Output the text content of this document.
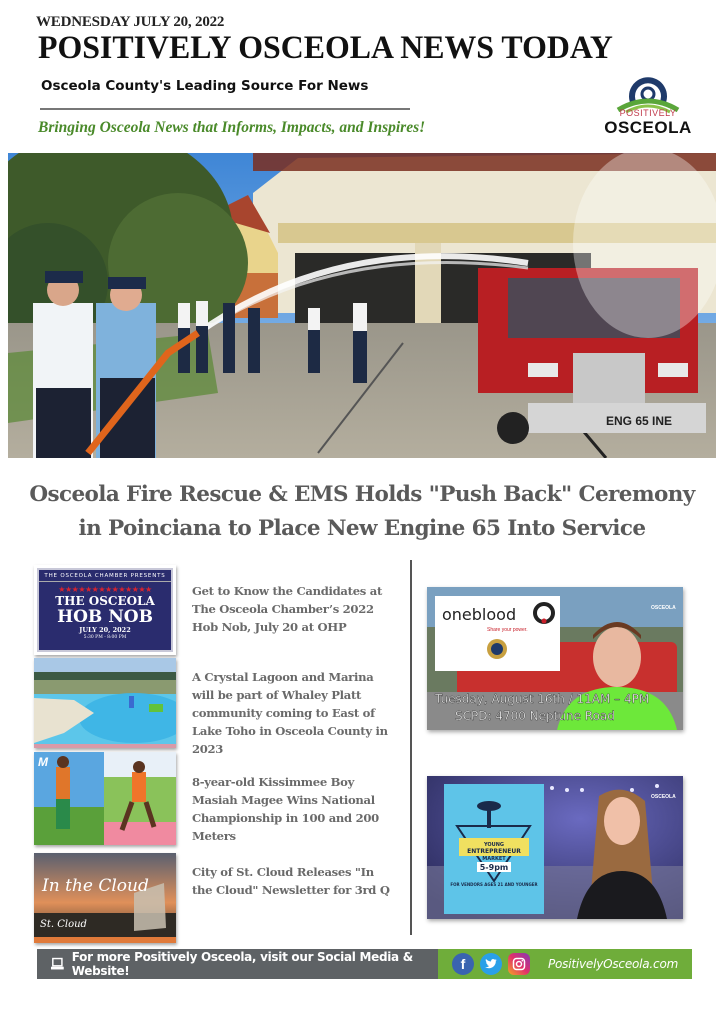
WEDNESDAY JULY 20, 2022
POSITIVELY OSCEOLA NEWS TODAY
Osceola County's Leading Source For News
Bringing Osceola News that Informs, Impacts, and Inspires!
POSITIVELY
OSCEOLA
ENG 65 INE
Osceola Fire Rescue & EMS Holds "Push Back" Ceremony
in Poinciana to Place New Engine 65 Into Service
THE OSCEOLA CHAMBER PRESENTS
★★★★★★★★★★★★★★
THE OSCEOLA
HOB NOB
JULY 20, 2022
5:30 PM - 8:00 PM
Get to Know the Candidates at The Osceola Chamber’s 2022 Hob Nob, July 20 at OHP
A Crystal Lagoon and Marina will be part of Whaley Platt community coming to East of Lake Toho in Osceola County in 2023
M
8-year-old Kissimmee Boy Masiah Magee Wins National Championship in 100 and 200 Meters
In the Cloud
St. Cloud
City of St. Cloud Releases "In the Cloud" Newsletter for 3rd Q
oneblood
Share your power.
Tuesday, August 16th / 11AM – 4PM
SCPD: 4700 Neptune Road
OSCEOLA
YOUNG
ENTREPRENEUR
MARKET
5-9pm
FOR VENDORS AGES 21 AND YOUNGER
OSCEOLA
For more Positively Osceola, visit our Social Media & Website!	f	PositivelyOsceola.com
